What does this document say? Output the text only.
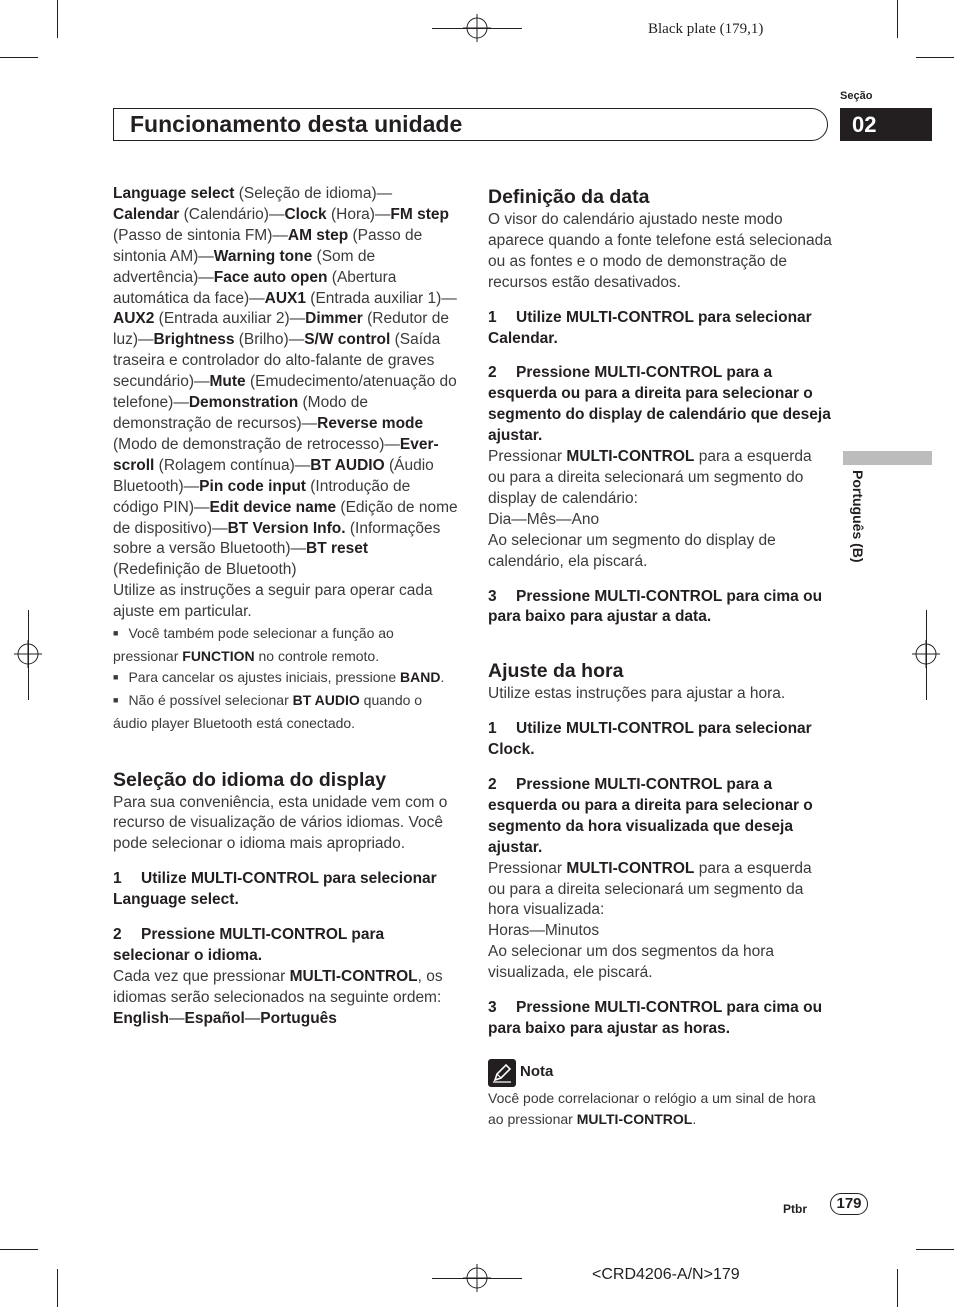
Black plate (179,1)
<CRD4206-A/N>179
Seção
02
Funcionamento desta unidade
Português (B)
Ptbr	179

Language select (Seleção de idioma)—Calendar (Calendário)—Clock (Hora)—FM step (Passo de sintonia FM)—AM step (Passo de sintonia AM)—Warning tone (Som de advertência)—Face auto open (Abertura automática da face)—AUX1 (Entrada auxiliar 1)—AUX2 (Entrada auxiliar 2)—Dimmer (Redutor de luz)—Brightness (Brilho)—S/W control (Saída traseira e controlador do alto-falante de graves secundário)—Mute (Emudecimento/atenuação do telefone)—Demonstration (Modo de demonstração de recursos)—Reverse mode (Modo de demonstração de retrocesso)—Ever-scroll (Rolagem contínua)—BT AUDIO (Áudio Bluetooth)—Pin code input (Introdução de código PIN)—Edit device name (Edição de nome de dispositivo)—BT Version Info. (Informações sobre a versão Bluetooth)—BT reset (Redefinição de Bluetooth)

Utilize as instruções a seguir para operar cada ajuste em particular.

■ Você também pode selecionar a função ao pressionar FUNCTION no controle remoto.

■ Para cancelar os ajustes iniciais, pressione BAND.

■ Não é possível selecionar BT AUDIO quando o áudio player Bluetooth está conectado.

Seleção do idioma do display

Para sua conveniência, esta unidade vem com o recurso de visualização de vários idiomas. Você pode selecionar o idioma mais apropriado.

1 Utilize MULTI-CONTROL para selecionar Language select.

2 Pressione MULTI-CONTROL para selecionar o idioma.

Cada vez que pressionar MULTI-CONTROL, os idiomas serão selecionados na seguinte ordem:

English—Español—Português

Definição da data

O visor do calendário ajustado neste modo aparece quando a fonte telefone está selecionada ou as fontes e o modo de demonstração de recursos estão desativados.

1 Utilize MULTI-CONTROL para selecionar Calendar.

2 Pressione MULTI-CONTROL para a esquerda ou para a direita para selecionar o segmento do display de calendário que deseja ajustar.

Pressionar MULTI-CONTROL para a esquerda ou para a direita selecionará um segmento do display de calendário:

Dia—Mês—Ano

Ao selecionar um segmento do display de calendário, ela piscará.

3 Pressione MULTI-CONTROL para cima ou para baixo para ajustar a data.

Ajuste da hora

Utilize estas instruções para ajustar a hora.

1 Utilize MULTI-CONTROL para selecionar Clock.

2 Pressione MULTI-CONTROL para a esquerda ou para a direita para selecionar o segmento da hora visualizada que deseja ajustar.

Pressionar MULTI-CONTROL para a esquerda ou para a direita selecionará um segmento da hora visualizada:

Horas—Minutos

Ao selecionar um dos segmentos da hora visualizada, ele piscará.

3 Pressione MULTI-CONTROL para cima ou para baixo para ajustar as horas.

Nota

Você pode correlacionar o relógio a um sinal de hora ao pressionar MULTI-CONTROL.
